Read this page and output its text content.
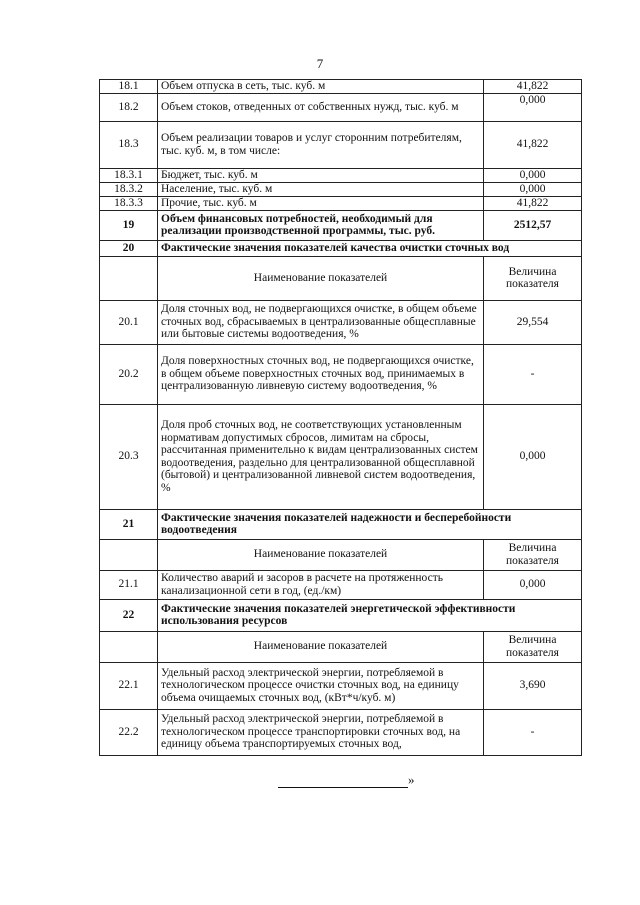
7
18.1	Объем отпуска в сеть, тыс. куб. м	41,822
18.2	Объем стоков, отведенных от собственных нужд, тыс. куб. м	0,000
18.3	Объем реализации товаров и услуг сторонним потребителям, тыс. куб. м, в том числе:	41,822
18.3.1	Бюджет, тыс. куб. м	0,000
18.3.2	Население, тыс. куб. м	0,000
18.3.3	Прочие, тыс. куб. м	41,822
19	Объем финансовых потребностей, необходимый для реализации производственной программы, тыс. руб.	2512,57
20	Фактические значения показателей качества очистки сточных вод	
	Наименование показателей	Величина показателя
20.1	Доля сточных вод, не подвергающихся очистке, в общем объеме сточных вод, сбрасываемых в централизованные общесплавные или бытовые системы водоотведения, %	29,554
20.2	Доля поверхностных сточных вод, не подвергающихся очистке, в общем объеме поверхностных сточных вод, принимаемых в централизованную ливневую систему водоотведения, %	-
20.3	Доля проб сточных вод, не соответствующих установленным нормативам допустимых сбросов, лимитам на сбросы, рассчитанная применительно к видам централизованных систем водоотведения, раздельно для централизованной общесплавной (бытовой) и централизованной ливневой систем водоотведения, %	0,000
21	Фактические значения показателей надежности и бесперебойности водоотведения	
	Наименование показателей	Величина показателя
21.1	Количество аварий и засоров в расчете на протяженность канализационной сети в год, (ед./км)	0,000
22	Фактические значения показателей энергетической эффективности использования ресурсов	
	Наименование показателей	Величина показателя
22.1	Удельный расход электрической энергии, потребляемой в технологическом процессе очистки сточных вод, на единицу объема очищаемых сточных вод, (кВт*ч/куб. м)	3,690
22.2	Удельный расход электрической энергии, потребляемой в технологическом процессе транспортировки сточных вод, на единицу объема транспортируемых сточных вод,	-
»
